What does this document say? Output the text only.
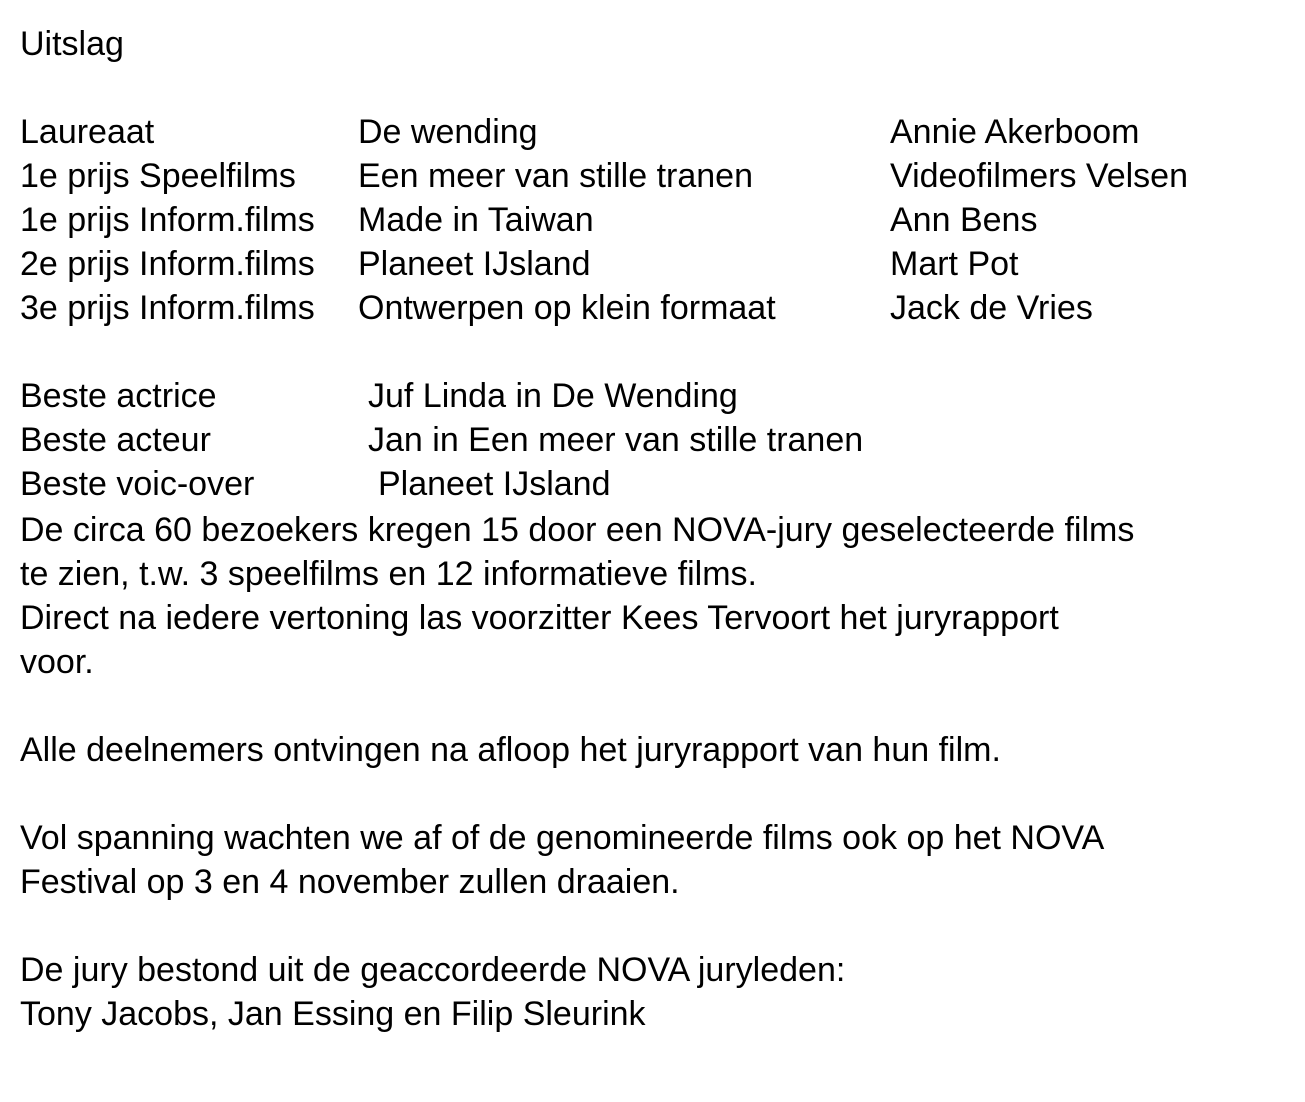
Uitslag
Laureaat	De wending	Annie Akerboom
1e prijs Speelfilms	Een meer van stille tranen	Videofilmers Velsen
1e prijs Inform.films	Made in Taiwan	Ann Bens
2e prijs Inform.films	Planeet IJsland	Mart Pot
3e prijs Inform.films	Ontwerpen op klein formaat	Jack de Vries
Beste actrice	Juf Linda in De Wending
Beste acteur	Jan in Een meer van stille tranen
Beste voic-over	Planeet IJsland

De circa 60 bezoekers kregen 15 door een NOVA-jury geselecteerde films
te zien, t.w. 3 speelfilms en 12 informatieve films.
Direct na iedere vertoning las voorzitter Kees Tervoort het juryrapport
voor.

Alle deelnemers ontvingen na afloop het juryrapport van hun film.

Vol spanning wachten we af of de genomineerde films ook op het NOVA
Festival op 3 en 4 november zullen draaien.

De jury bestond uit de geaccordeerde NOVA juryleden:
Tony Jacobs, Jan Essing en Filip Sleurink
